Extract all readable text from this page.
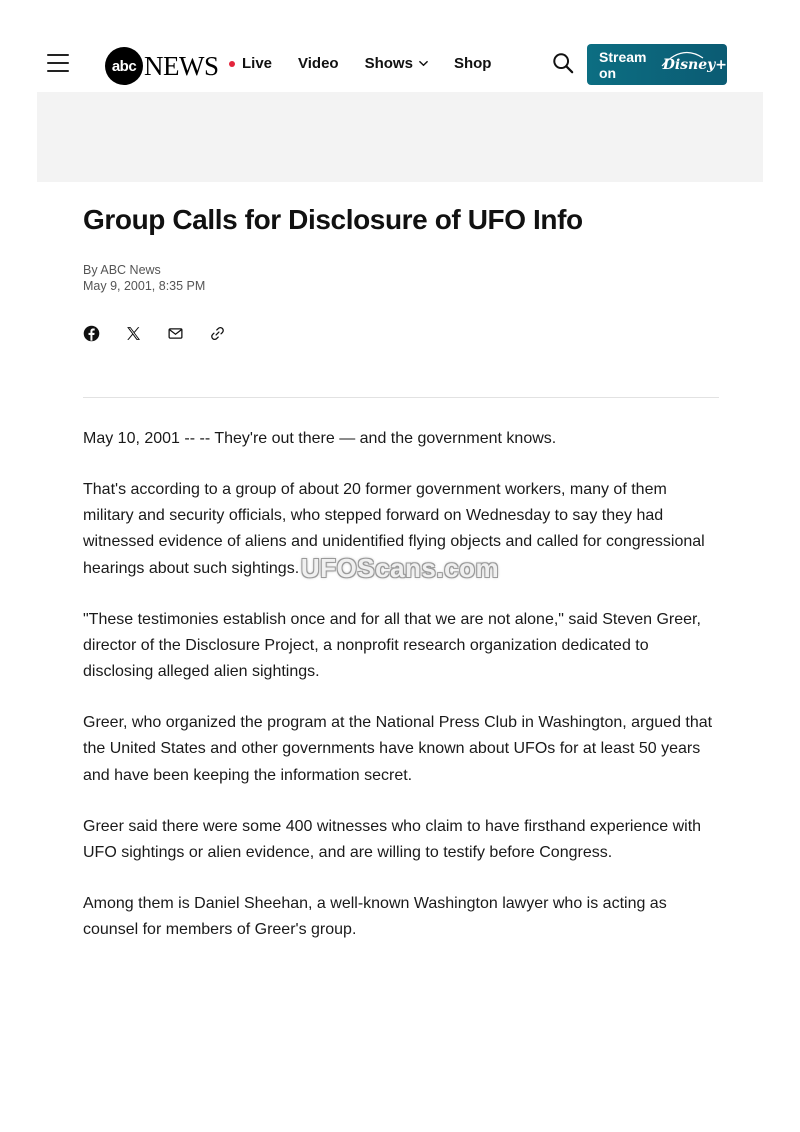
abc NEWS Live Video Shows	Shop	Stream on	Disney+
Group Calls for Disclosure of UFO Info
By ABC News
May 9, 2001, 8:35 PM

May 10, 2001 -- -- They're out there — and the government knows.

That's according to a group of about 20 former government workers, many of them military and security officials, who stepped forward on Wednesday to say they had witnessed evidence of aliens and unidentified flying objects and called for congressional hearings about such sightings.

"These testimonies establish once and for all that we are not alone," said Steven Greer, director of the Disclosure Project, a nonprofit research organization dedicated to disclosing alleged alien sightings.

Greer, who organized the program at the National Press Club in Washington, argued that the United States and other governments have known about UFOs for at least 50 years and have been keeping the information secret.

Greer said there were some 400 witnesses who claim to have firsthand experience with UFO sightings or alien evidence, and are willing to testify before Congress.

Among them is Daniel Sheehan, a well-known Washington lawyer who is acting as counsel for members of Greer's group.

UFOScans.com
